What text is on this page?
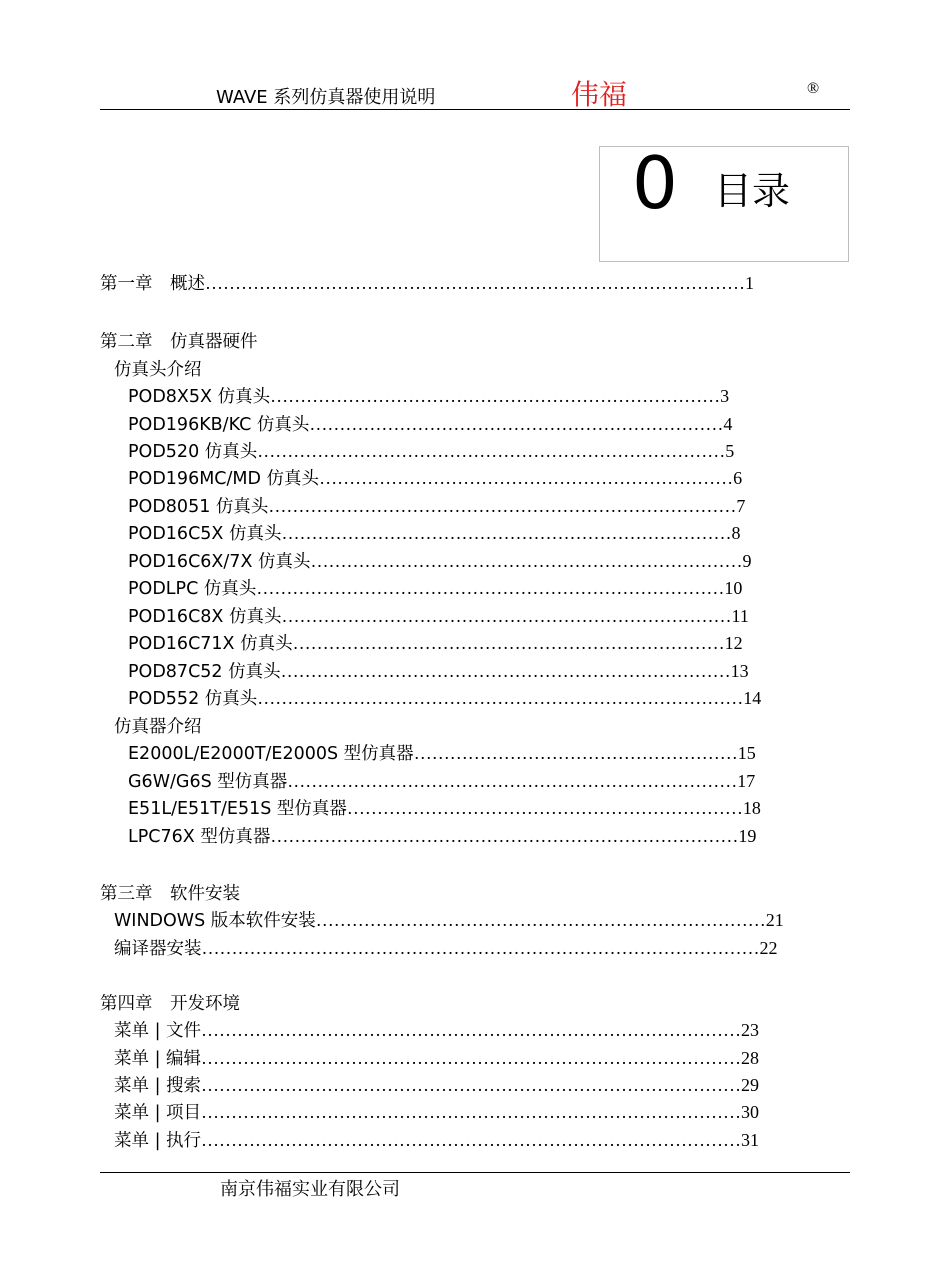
WAVE 系列仿真器使用说明	伟福	®
0 目录
第一章　概述………………………………………………………………………………1
第二章　仿真器硬件
仿真头介绍
POD8X5X 仿真头…………………………………………………………………3
POD196KB/KC 仿真头……………………………………………………………4
POD520 仿真头……………………………………………………………………5
POD196MC/MD 仿真头……………………………………………………………6
POD8051 仿真头……………………………………………………………………7
POD16C5X 仿真头…………………………………………………………………8
POD16C6X/7X 仿真头………………………………………………………………9
PODLPC 仿真头……………………………………………………………………10
POD16C8X 仿真头…………………………………………………………………11
POD16C71X 仿真头………………………………………………………………12
POD87C52 仿真头…………………………………………………………………13
POD552 仿真头………………………………………………………………………14
仿真器介绍
E2000L/E2000T/E2000S 型仿真器………………………………………………15
G6W/G6S 型仿真器…………………………………………………………………17
E51L/E51T/E51S 型仿真器…………………………………………………………18
LPC76X 型仿真器……………………………………………………………………19
第三章　软件安装
WINDOWS 版本软件安装…………………………………………………………………21
编译器安装…………………………………………………………………………………22
第四章　开发环境
菜单 | 文件………………………………………………………………………………23
菜单 | 编辑………………………………………………………………………………28
菜单 | 搜索………………………………………………………………………………29
菜单 | 项目………………………………………………………………………………30
菜单 | 执行………………………………………………………………………………31
南京伟福实业有限公司
